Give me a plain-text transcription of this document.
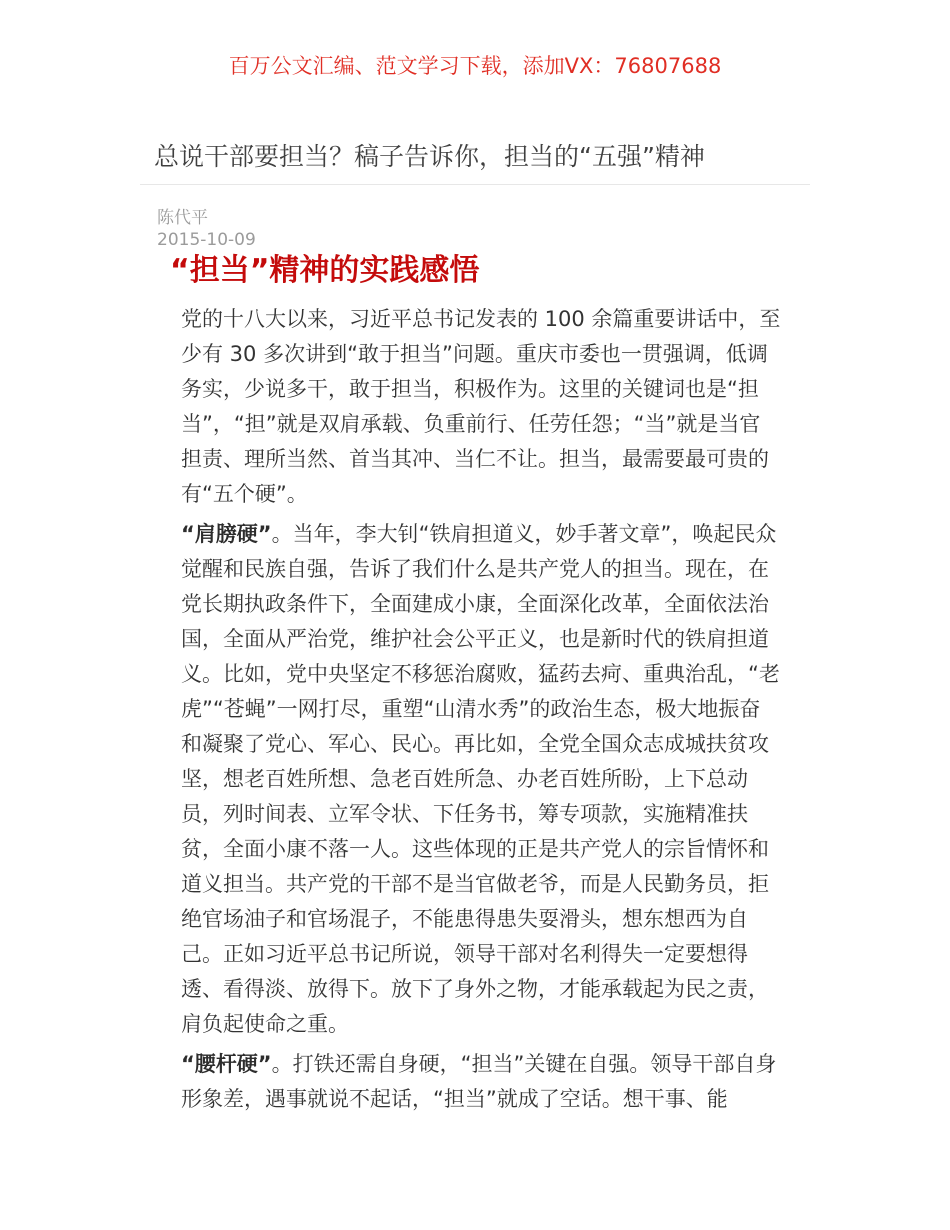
百万公文汇编、范文学习下载，添加VX：76807688
总说干部要担当？稿子告诉你，担当的“五强”精神
陈代平
2015-10-09
“担当”精神的实践感悟

党的十八大以来，习近平总书记发表的 100 余篇重要讲话中，至少有 30 多次讲到“敢于担当”问题。重庆市委也一贯强调，低调务实，少说多干，敢于担当，积极作为。这里的关键词也是“担当”，“担”就是双肩承载、负重前行、任劳任怨；“当”就是当官担责、理所当然、首当其冲、当仁不让。担当，最需要最可贵的有“五个硬”。

“肩膀硬”。当年，李大钊“铁肩担道义，妙手著文章”，唤起民众觉醒和民族自强，告诉了我们什么是共产党人的担当。现在，在党长期执政条件下，全面建成小康，全面深化改革，全面依法治国，全面从严治党，维护社会公平正义，也是新时代的铁肩担道义。比如，党中央坚定不移惩治腐败，猛药去疴、重典治乱，“老虎”“苍蝇”一网打尽，重塑“山清水秀”的政治生态，极大地振奋和凝聚了党心、军心、民心。再比如，全党全国众志成城扶贫攻坚，想老百姓所想、急老百姓所急、办老百姓所盼，上下总动员，列时间表、立军令状、下任务书，筹专项款，实施精准扶贫，全面小康不落一人。这些体现的正是共产党人的宗旨情怀和道义担当。共产党的干部不是当官做老爷，而是人民勤务员，拒绝官场油子和官场混子，不能患得患失耍滑头，想东想西为自己。正如习近平总书记所说，领导干部对名利得失一定要想得透、看得淡、放得下。放下了身外之物，才能承载起为民之责，肩负起使命之重。

“腰杆硬”。打铁还需自身硬，“担当”关键在自强。领导干部自身形象差，遇事就说不起话，“担当”就成了空话。想干事、能
